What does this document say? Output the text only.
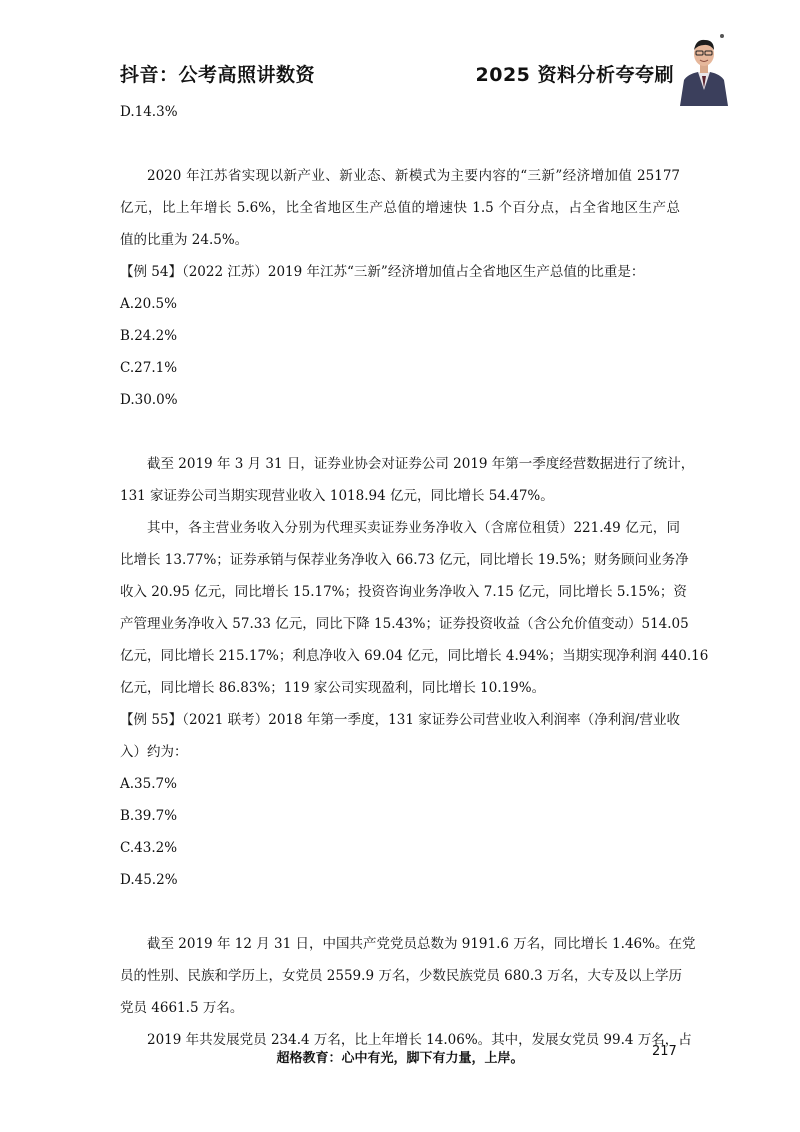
抖音：公考高照讲数资	2025 资料分析夸夸刷
D.14.3%
2020 年江苏省实现以新产业、新业态、新模式为主要内容的“三新”经济增加值 25177
亿元，比上年增长 5.6%，比全省地区生产总值的增速快 1.5 个百分点，占全省地区生产总
值的比重为 24.5%。
【例 54】（2022 江苏）2019 年江苏“三新”经济增加值占全省地区生产总值的比重是：
A.20.5%
B.24.2%
C.27.1%
D.30.0%
截至 2019 年 3 月 31 日，证券业协会对证券公司 2019 年第一季度经营数据进行了统计，
131 家证券公司当期实现营业收入 1018.94 亿元，同比增长 54.47%。
其中，各主营业务收入分别为代理买卖证券业务净收入（含席位租赁）221.49 亿元，同
比增长 13.77%；证券承销与保荐业务净收入 66.73 亿元，同比增长 19.5%；财务顾问业务净
收入 20.95 亿元，同比增长 15.17%；投资咨询业务净收入 7.15 亿元，同比增长 5.15%；资
产管理业务净收入 57.33 亿元，同比下降 15.43%；证券投资收益（含公允价值变动）514.05
亿元，同比增长 215.17%；利息净收入 69.04 亿元，同比增长 4.94%；当期实现净利润 440.16
亿元，同比增长 86.83%；119 家公司实现盈利，同比增长 10.19%。
【例 55】（2021 联考）2018 年第一季度，131 家证券公司营业收入利润率（净利润/营业收
入）约为：
A.35.7%
B.39.7%
C.43.2%
D.45.2%
截至 2019 年 12 月 31 日，中国共产党党员总数为 9191.6 万名，同比增长 1.46%。在党
员的性别、民族和学历上，女党员 2559.9 万名，少数民族党员 680.3 万名，大专及以上学历
党员 4661.5 万名。
2019 年共发展党员 234.4 万名，比上年增长 14.06%。其中，发展女党员 99.4 万名，占
超格教育：心中有光，脚下有力量，上岸。	217
